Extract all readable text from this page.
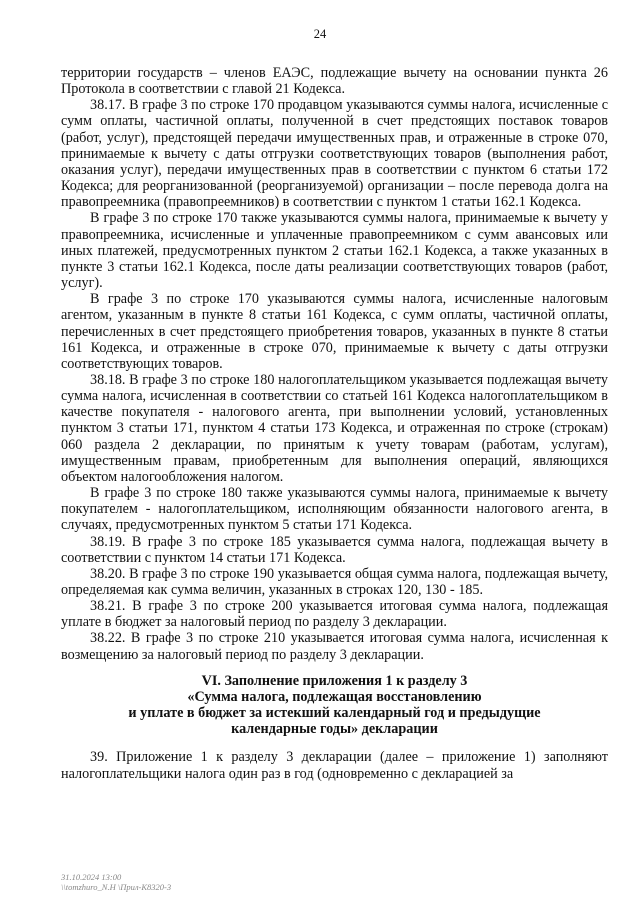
24

территории государств – членов ЕАЭС, подлежащие вычету на основании пункта 26 Протокола в соответствии с главой 21 Кодекса.

38.17. В графе 3 по строке 170 продавцом указываются суммы налога, исчисленные с сумм оплаты, частичной оплаты, полученной в счет предстоящих поставок товаров (работ, услуг), предстоящей передачи имущественных прав, и отраженные в строке 070, принимаемые к вычету с даты отгрузки соответствующих товаров (выполнения работ, оказания услуг), передачи имущественных прав в соответствии с пунктом 6 статьи 172 Кодекса; для реорганизованной (реорганизуемой) организации – после перевода долга на правопреемника (правопреемников) в соответствии с пунктом 1 статьи 162.1 Кодекса.

В графе 3 по строке 170 также указываются суммы налога, принимаемые к вычету у правопреемника, исчисленные и уплаченные правопреемником с сумм авансовых или иных платежей, предусмотренных пунктом 2 статьи 162.1 Кодекса, а также указанных в пункте 3 статьи 162.1 Кодекса, после даты реализации соответствующих товаров (работ, услуг).

В графе 3 по строке 170 указываются суммы налога, исчисленные налоговым агентом, указанным в пункте 8 статьи 161 Кодекса, с сумм оплаты, частичной оплаты, перечисленных в счет предстоящего приобретения товаров, указанных в пункте 8 статьи 161 Кодекса, и отраженные в строке 070, принимаемые к вычету с даты отгрузки соответствующих товаров.

38.18. В графе 3 по строке 180 налогоплательщиком указывается подлежащая вычету сумма налога, исчисленная в соответствии со статьей 161 Кодекса налогоплательщиком в качестве покупателя - налогового агента, при выполнении условий, установленных пунктом 3 статьи 171, пунктом 4 статьи 173 Кодекса, и отраженная по строке (строкам) 060 раздела 2 декларации, по принятым к учету товарам (работам, услугам), имущественным правам, приобретенным для выполнения операций, являющихся объектом налогообложения налогом.

В графе 3 по строке 180 также указываются суммы налога, принимаемые к вычету покупателем - налогоплательщиком, исполняющим обязанности налогового агента, в случаях, предусмотренных пунктом 5 статьи 171 Кодекса.

38.19. В графе 3 по строке 185 указывается сумма налога, подлежащая вычету в соответствии с пунктом 14 статьи 171 Кодекса.

38.20. В графе 3 по строке 190 указывается общая сумма налога, подлежащая вычету, определяемая как сумма величин, указанных в строках 120, 130 - 185.

38.21. В графе 3 по строке 200 указывается итоговая сумма налога, подлежащая уплате в бюджет за налоговый период по разделу 3 декларации.

38.22. В графе 3 по строке 210 указывается итоговая сумма налога, исчисленная к возмещению за налоговый период по разделу 3 декларации.

VI. Заполнение приложения 1 к разделу 3
«Сумма налога, подлежащая восстановлению
и уплате в бюджет за истекший календарный год и предыдущие
календарные годы» декларации

39. Приложение 1 к разделу 3 декларации (далее – приложение 1) заполняют налогоплательщики налога один раз в год (одновременно с декларацией за

31.10.2024 13:00
\\tomzhuro_N.H \Прил-К8320-3
